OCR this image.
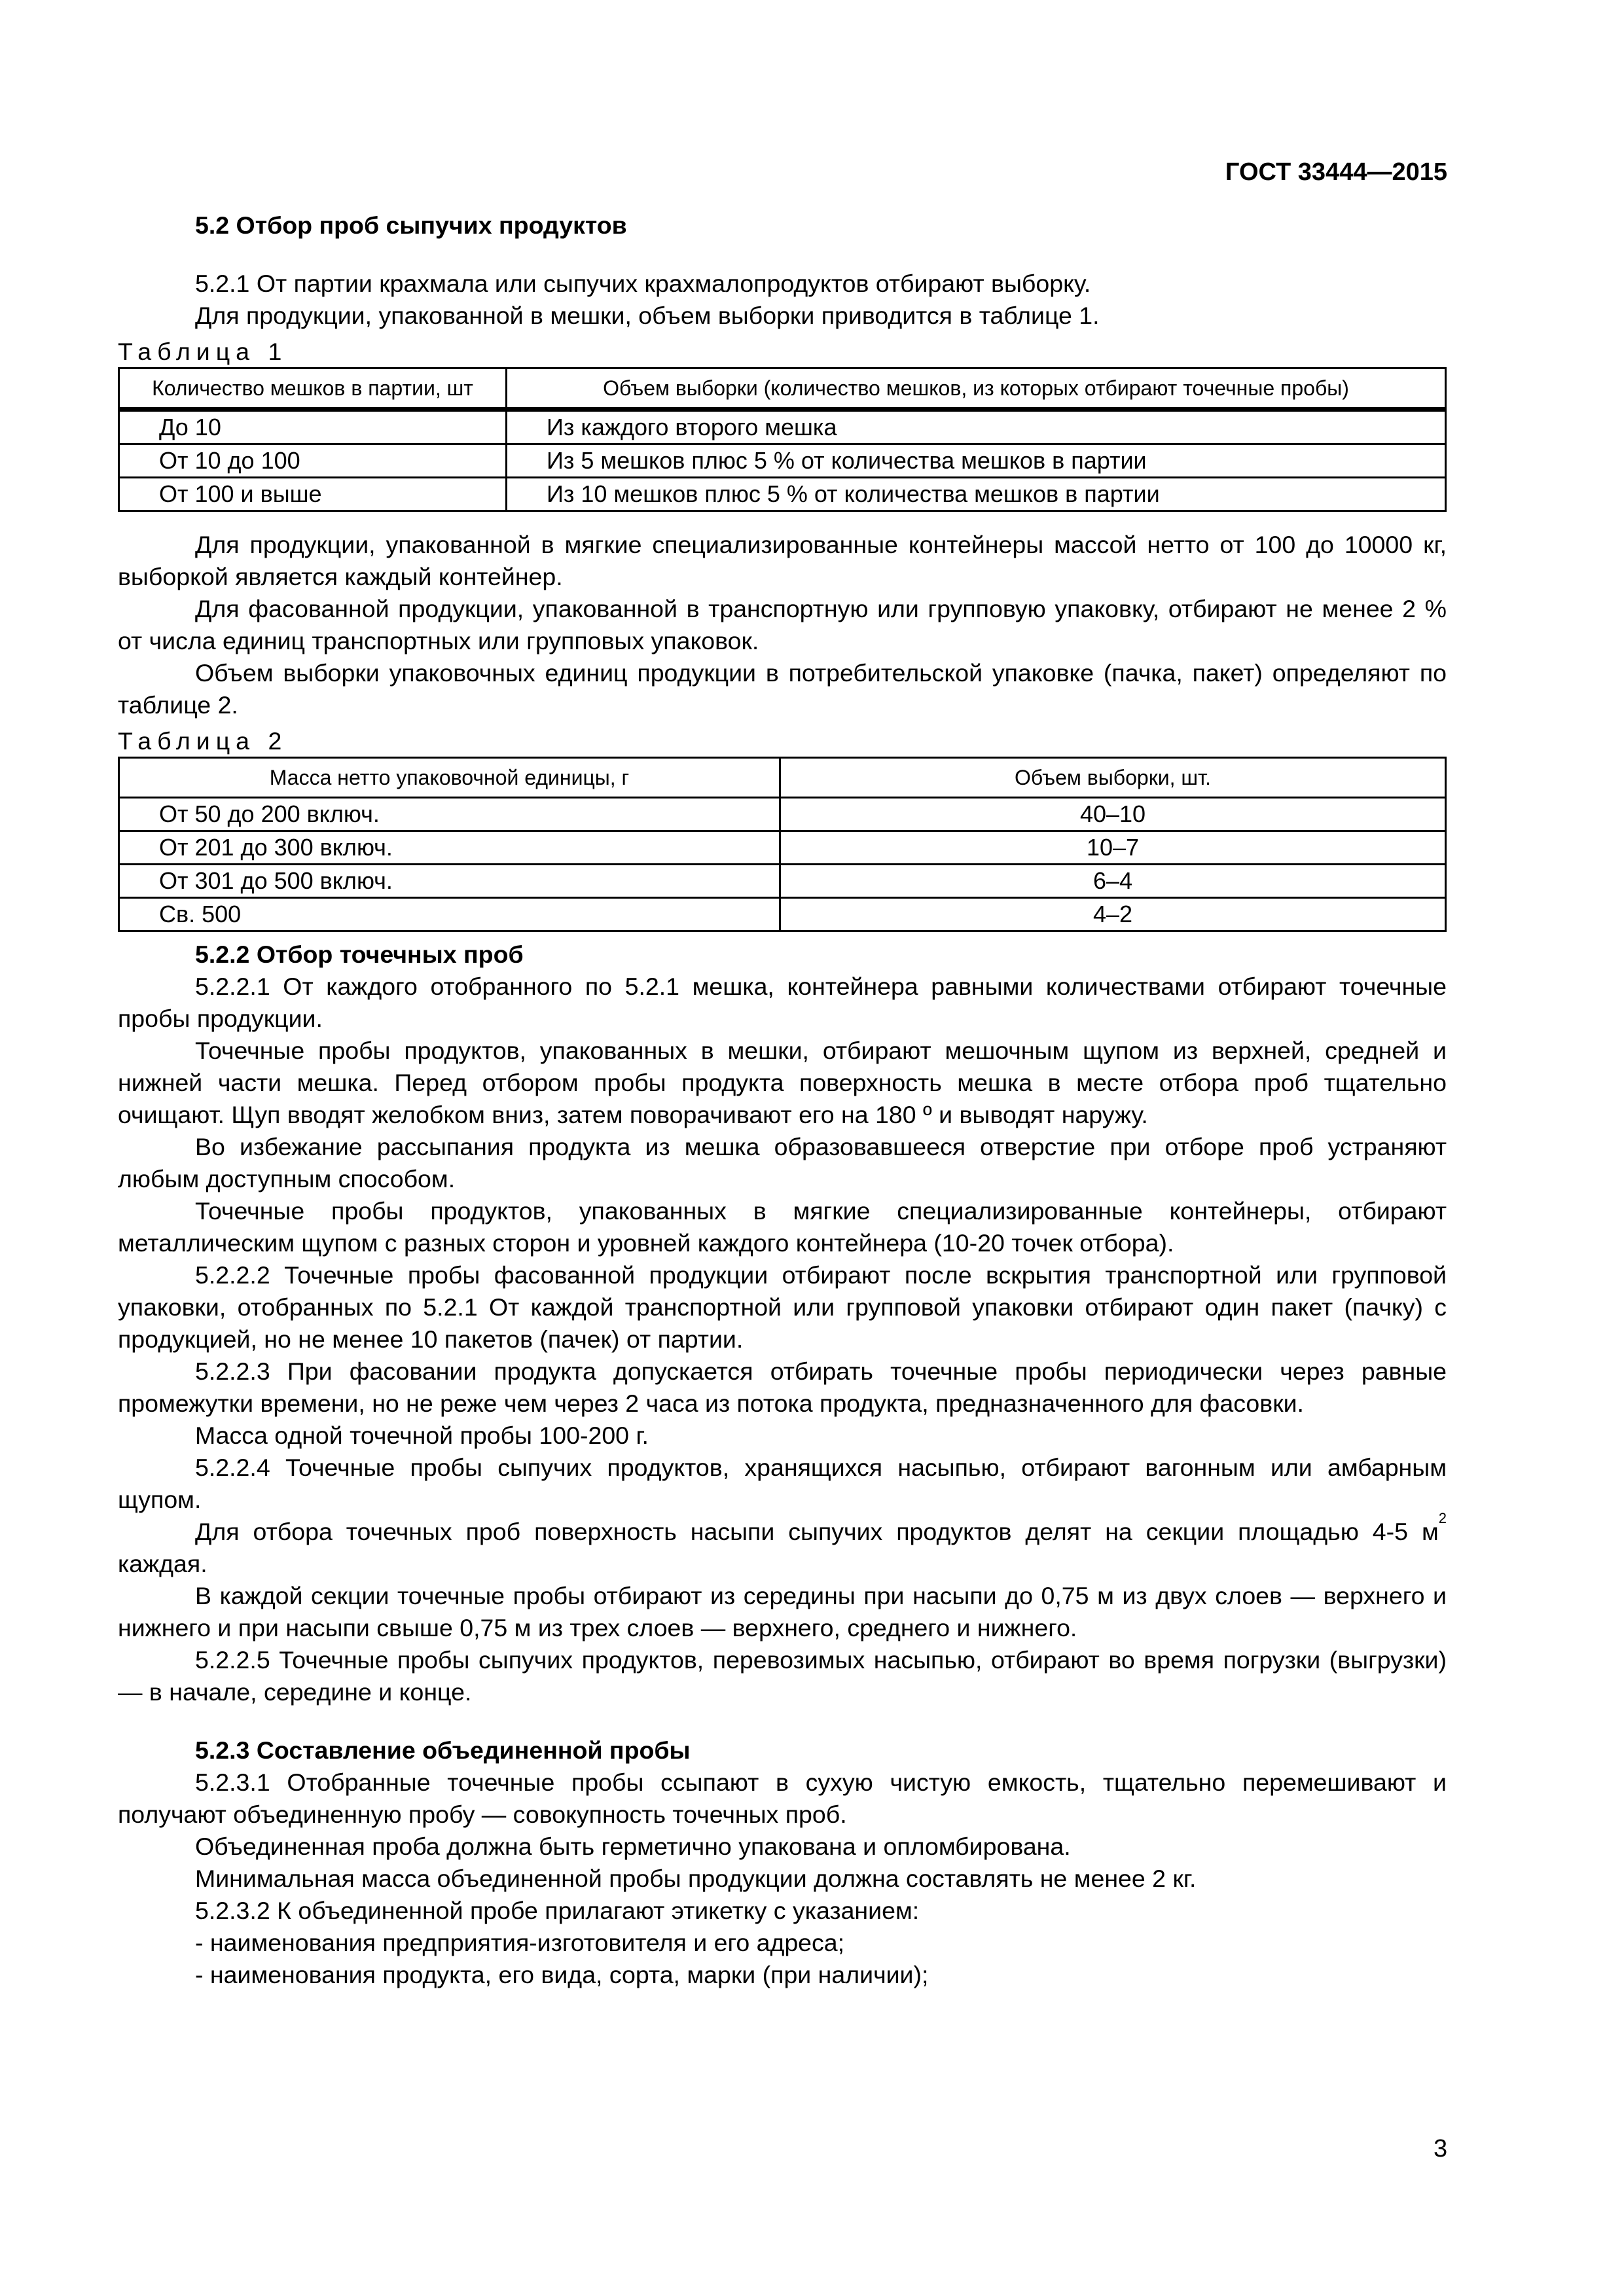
ГОСТ 33444—2015
5.2 Отбор проб сыпучих продуктов

5.2.1 От партии крахмала или сыпучих крахмалопродуктов отбирают выборку.

Для продукции, упакованной в мешки, объем выборки приводится в таблице 1.

Таблица 1
Количество мешков в партии, шт	Объем выборки (количество мешков, из которых отбирают точечные пробы)
До 10	Из каждого второго мешка
От 10 до 100	Из 5 мешков плюс 5 % от количества мешков в партии
От 100 и выше	Из 10 мешков плюс 5 % от количества мешков в партии

Для продукции, упакованной в мягкие специализированные контейнеры массой нетто от 100 до 10000 кг, выборкой является каждый контейнер.

Для фасованной продукции, упакованной в транспортную или групповую упаковку, отбирают не менее 2 % от числа единиц транспортных или групповых упаковок.

Объем выборки упаковочных единиц продукции в потребительской упаковке (пачка, пакет) определяют по таблице 2.

Таблица 2
Масса нетто упаковочной единицы, г	Объем выборки, шт.
От 50 до 200 включ.	40–10
От 201 до 300 включ.	10–7
От 301 до 500 включ.	6–4
Св. 500	4–2
5.2.2 Отбор точечных проб

5.2.2.1 От каждого отобранного по 5.2.1 мешка, контейнера равными количествами отбирают точечные пробы продукции.

Точечные пробы продуктов, упакованных в мешки, отбирают мешочным щупом из верхней, средней и нижней части мешка. Перед отбором пробы продукта поверхность мешка в месте отбора проб тщательно очищают. Щуп вводят желобком вниз, затем поворачивают его на 180 º и выводят наружу.

Во избежание рассыпания продукта из мешка образовавшееся отверстие при отборе проб устраняют любым доступным способом.

Точечные пробы продуктов, упакованных в мягкие специализированные контейнеры, отбирают металлическим щупом с разных сторон и уровней каждого контейнера (10-20 точек отбора).

5.2.2.2 Точечные пробы фасованной продукции отбирают после вскрытия транспортной или групповой упаковки, отобранных по 5.2.1 От каждой транспортной или групповой упаковки отбирают один пакет (пачку) с продукцией, но не менее 10 пакетов (пачек) от партии.

5.2.2.3 При фасовании продукта допускается отбирать точечные пробы периодически через равные промежутки времени, но не реже чем через 2 часа из потока продукта, предназначенного для фасовки.

Масса одной точечной пробы 100-200 г.

5.2.2.4 Точечные пробы сыпучих продуктов, хранящихся насыпью, отбирают вагонным или амбарным щупом.

Для отбора точечных проб поверхность насыпи сыпучих продуктов делят на секции площадью 4-5 $м^2$ каждая.

В каждой секции точечные пробы отбирают из середины при насыпи до 0,75 м из двух слоев — верхнего и нижнего и при насыпи свыше 0,75 м из трех слоев — верхнего, среднего и нижнего.

5.2.2.5 Точечные пробы сыпучих продуктов, перевозимых насыпью, отбирают во время погрузки (выгрузки) — в начале, середине и конце.

5.2.3 Составление объединенной пробы

5.2.3.1 Отобранные точечные пробы ссыпают в сухую чистую емкость, тщательно перемешивают и получают объединенную пробу — совокупность точечных проб.

Объединенная проба должна быть герметично упакована и опломбирована.

Минимальная масса объединенной пробы продукции должна составлять не менее 2 кг.

5.2.3.2 К объединенной пробе прилагают этикетку с указанием:

- наименования предприятия-изготовителя и его адреса;

- наименования продукта, его вида, сорта, марки (при наличии);

3
